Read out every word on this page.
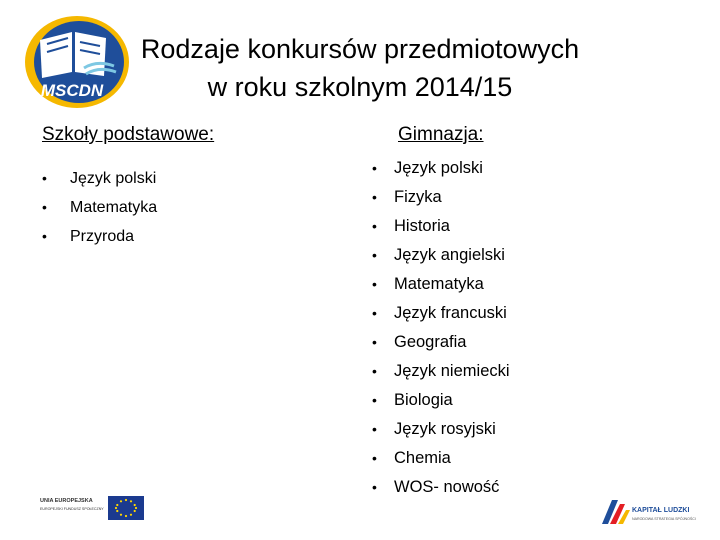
MSCDN
Rodzaje konkursów przedmiotowych
w roku szkolnym 2014/15
Szkoły podstawowe:	Gimnazja:
• Język polski
• Matematyka
• Przyroda
• Język polski
• Fizyka
• Historia
• Język angielski
• Matematyka
• Język francuski
• Geografia
• Język niemiecki
• Biologia
• Język rosyjski
• Chemia
• WOS- nowość
UNIA EUROPEJSKA
EUROPEJSKI FUNDUSZ SPOŁECZNY	KAPITAŁ LUDZKI
NARODOWA STRATEGIA SPÓJNOŚCI
